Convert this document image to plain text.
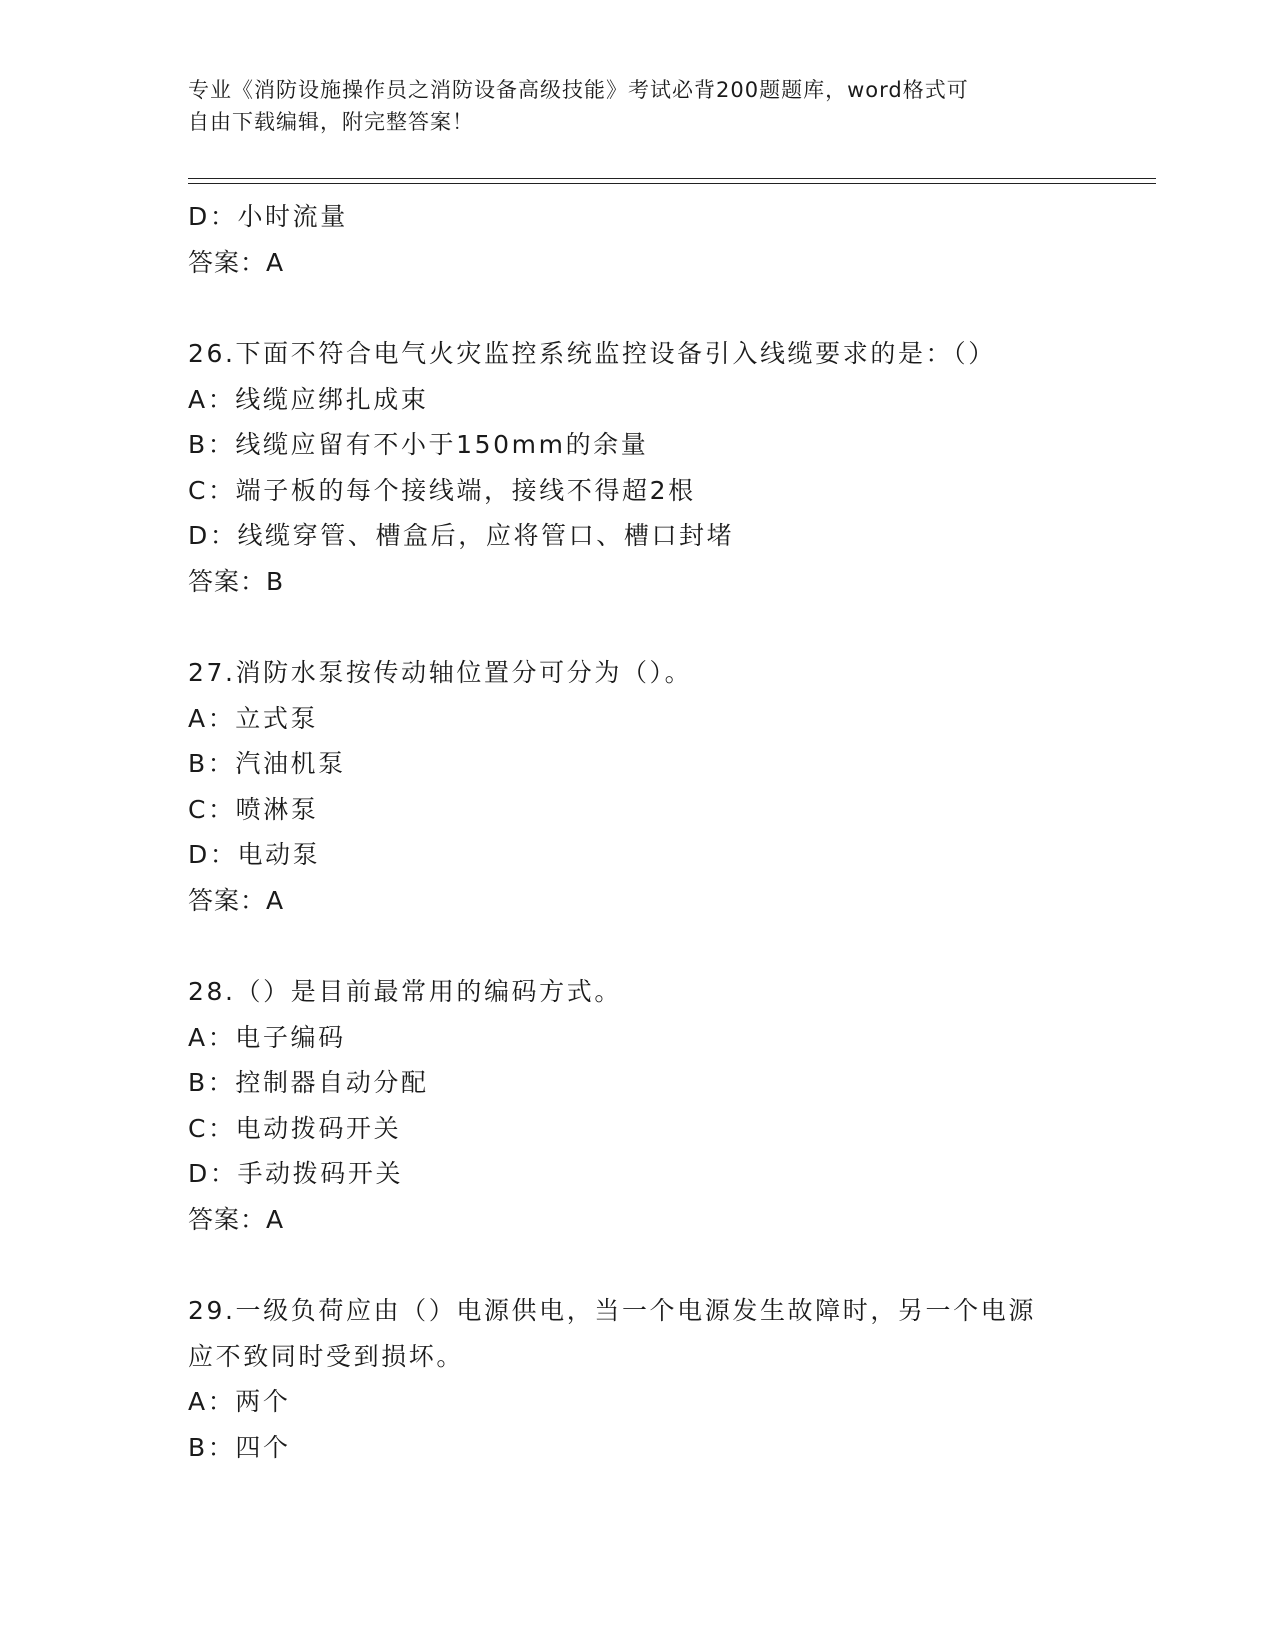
专业《消防设施操作员之消防设备高级技能》考试必背200题题库，word格式可
自由下载编辑，附完整答案！
D：小时流量
答案：A
26.下面不符合电气火灾监控系统监控设备引入线缆要求的是：（）
A：线缆应绑扎成束
B：线缆应留有不小于150mm的余量
C：端子板的每个接线端，接线不得超2根
D：线缆穿管、槽盒后，应将管口、槽口封堵
答案：B
27.消防水泵按传动轴位置分可分为（）。
A：立式泵
B：汽油机泵
C：喷淋泵
D：电动泵
答案：A
28.（）是目前最常用的编码方式。
A：电子编码
B：控制器自动分配
C：电动拨码开关
D：手动拨码开关
答案：A
29.一级负荷应由（）电源供电，当一个电源发生故障时，另一个电源
应不致同时受到损坏。
A：两个
B：四个
